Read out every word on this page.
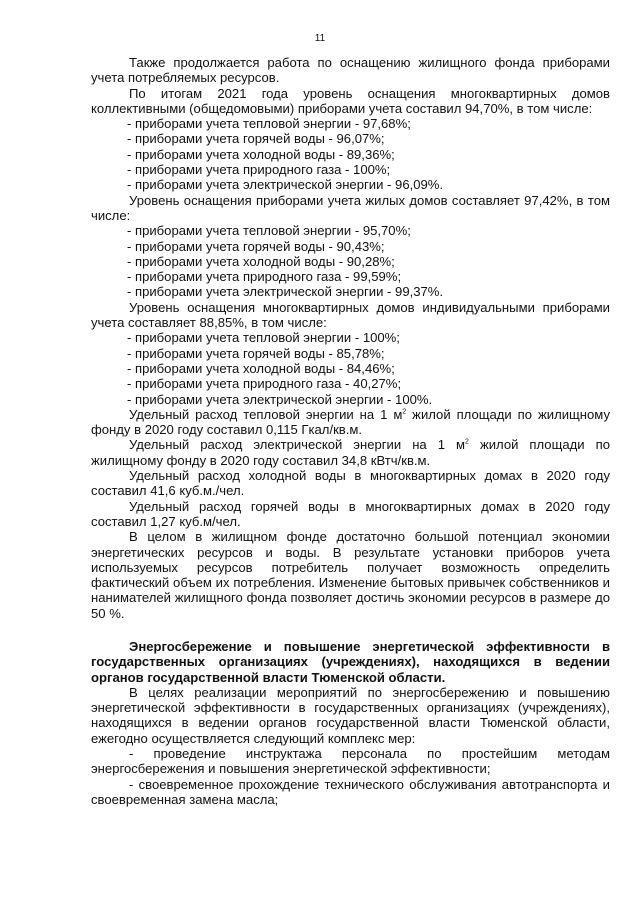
11

Также продолжается работа по оснащению жилищного фонда приборами учета потребляемых ресурсов.

По итогам 2021 года уровень оснащения многоквартирных домов коллективными (общедомовыми) приборами учета составил 94,70%, в том числе:

- приборами учета тепловой энергии - 97,68%;

- приборами учета горячей воды - 96,07%;

- приборами учета холодной воды - 89,36%;

- приборами учета природного газа - 100%;

- приборами учета электрической энергии - 96,09%.

Уровень оснащения приборами учета жилых домов составляет 97,42%, в том числе:

- приборами учета тепловой энергии - 95,70%;

- приборами учета горячей воды - 90,43%;

- приборами учета холодной воды - 90,28%;

- приборами учета природного газа - 99,59%;

- приборами учета электрической энергии - 99,37%.

Уровень оснащения многоквартирных домов индивидуальными приборами учета составляет 88,85%, в том числе:

- приборами учета тепловой энергии - 100%;

- приборами учета горячей воды - 85,78%;

- приборами учета холодной воды - 84,46%;

- приборами учета природного газа - 40,27%;

- приборами учета электрической энергии - 100%.

Удельный расход тепловой энергии на 1 $м^2$ жилой площади по жилищному фонду в 2020 году составил 0,115 Гкал/кв.м.

Удельный расход электрической энергии на 1 $м^2$ жилой площади по жилищному фонду в 2020 году составил 34,8 кВтч/кв.м.

Удельный расход холодной воды в многоквартирных домах в 2020 году составил 41,6 куб.м./чел.

Удельный расход горячей воды в многоквартирных домах в 2020 году составил 1,27 куб.м/чел.

В целом в жилищном фонде достаточно большой потенциал экономии энергетических ресурсов и воды. В результате установки приборов учета используемых ресурсов потребитель получает возможность определить фактический объем их потребления. Изменение бытовых привычек собственников и нанимателей жилищного фонда позволяет достичь экономии ресурсов в размере до 50 %.

Энергосбережение и повышение энергетической эффективности в государственных организациях (учреждениях), находящихся в ведении органов государственной власти Тюменской области.

В целях реализации мероприятий по энергосбережению и повышению энергетической эффективности в государственных организациях (учреждениях), находящихся в ведении органов государственной власти Тюменской области, ежегодно осуществляется следующий комплекс мер:

- проведение инструктажа персонала по простейшим методам энергосбережения и повышения энергетической эффективности;

- своевременное прохождение технического обслуживания автотранспорта и своевременная замена масла;
